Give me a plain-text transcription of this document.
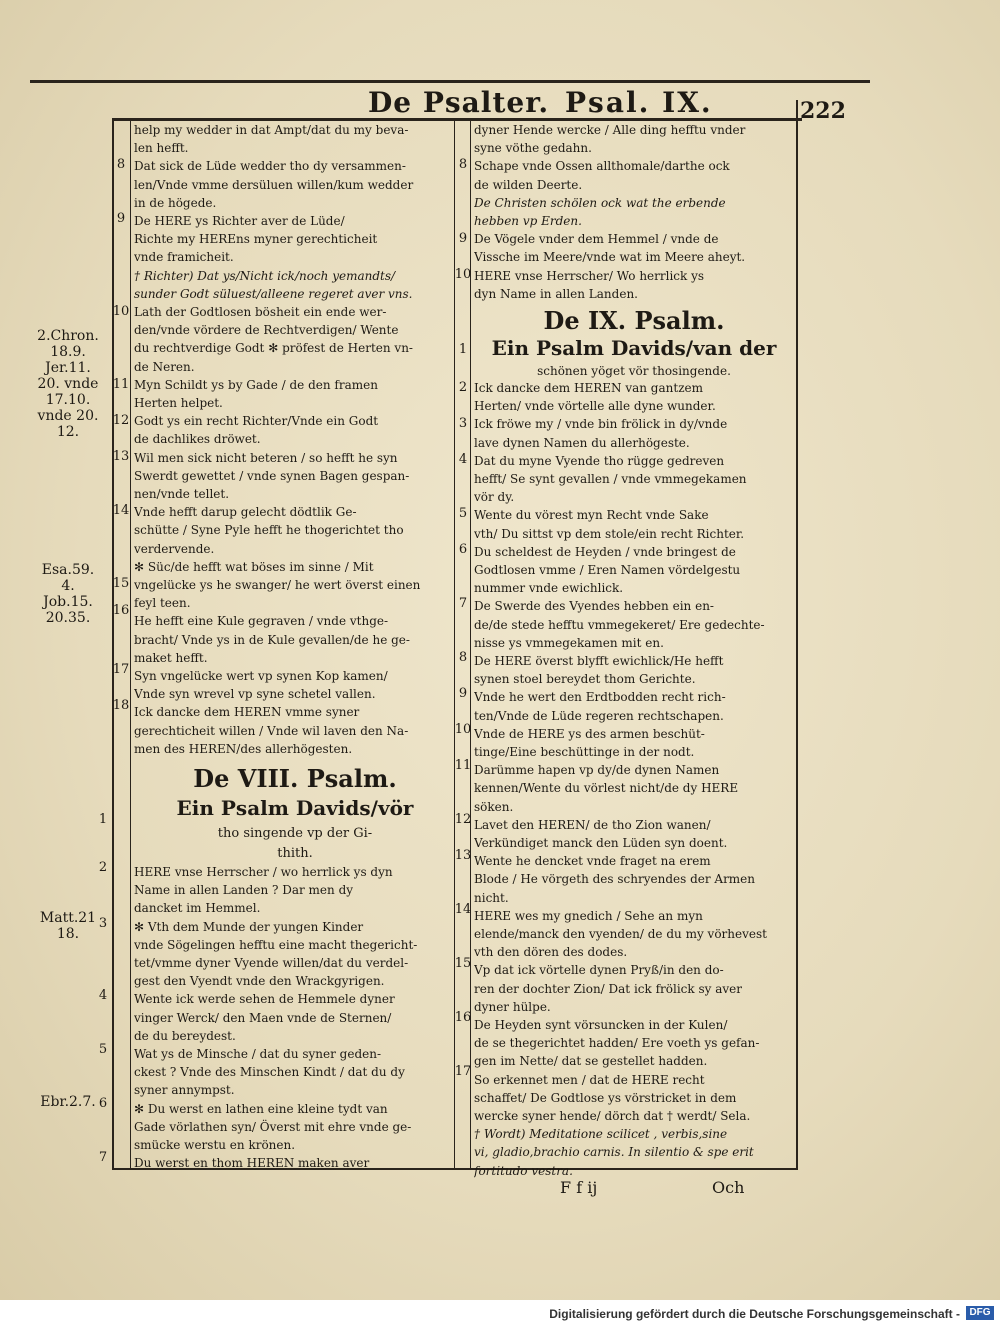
De Psalter. Psal. IX.	222
2.Chron.
18.9.
Jer.11.
20. vnde
17.10.
vnde 20.
12.
Esa.59.
4.
Job.15.
20.35.
Matt.21
18.
Ebr.2.7.
help my wedder in dat Ampt/dat du my beva-
len hefft.
Dat sick de Lüde wedder tho dy versammen-
len/Vnde vmme dersüluen willen/kum wedder
in de högede.
De HERE ys Richter aver de Lüde/
Richte my HEREns myner gerechticheit
vnde framicheit.
† Richter) Dat ys/Nicht ick/noch yemandts/
sunder Godt süluest/alleene regeret aver vns.
Lath der Godtlosen bösheit ein ende wer-
den/vnde vördere de Rechtverdigen/ Wente
du rechtverdige Godt ✻ pröfest de Herten vn-
de Neren.
Myn Schildt ys by Gade / de den framen
Herten helpet.
Godt ys ein recht Richter/Vnde ein Godt
de dachlikes dröwet.
Wil men sick nicht beteren / so hefft he syn
Swerdt gewettet / vnde synen Bagen gespan-
nen/vnde tellet.
Vnde hefft darup gelecht dödtlik Ge-
schütte / Syne Pyle hefft he thogerichtet tho
verdervende.
✻ Süc/de hefft wat böses im sinne / Mit
vngelücke ys he swanger/ he wert överst einen
feyl teen.
He hefft eine Kule gegraven / vnde vthge-
bracht/ Vnde ys in de Kule gevallen/de he ge-
maket hefft.
Syn vngelücke wert vp synen Kop kamen/
Vnde syn wrevel vp syne schetel vallen.
Ick dancke dem HEREN vmme syner
gerechticheit willen / Vnde wil laven den Na-
men des HEREN/des allerhögesten.
8
9
10
11
12
13
14
15
16
17
18
De VIII. Psalm.
Ein Psalm Davids/vör
tho singende vp der Gi-
thith.
HERE vnse Herrscher / wo herrlick ys dyn
Name in allen Landen ? Dar men dy
dancket im Hemmel.
✻ Vth dem Munde der yungen Kinder
vnde Sögelingen hefftu eine macht thegericht-
tet/vmme dyner Vyende willen/dat du verdel-
gest den Vyendt vnde den Wrackgyrigen.
Wente ick werde sehen de Hemmele dyner
vinger Werck/ den Maen vnde de Sternen/
de du bereydest.
Wat ys de Minsche / dat du syner geden-
ckest ? Vnde des Minschen Kindt / dat du dy
syner annympst.
✻ Du werst en lathen eine kleine tydt van
Gade vörlathen syn/ Överst mit ehre vnde ge-
smücke werstu en krönen.
Du werst en thom HEREN maken aver
1
2
3
4
5
6
7
dyner Hende wercke / Alle ding hefftu vnder
syne vöthe gedahn.
Schape vnde Ossen allthomale/darthe ock
de wilden Deerte.
De Christen schölen ock wat the erbende
hebben vp Erden.
De Vögele vnder dem Hemmel / vnde de
Vissche im Meere/vnde wat im Meere aheyt.
HERE vnse Herrscher/ Wo herrlick ys
dyn Name in allen Landen.
8
9
10
De IX. Psalm.
Ein Psalm Davids/van der
schönen yöget vör thosingende.
Ick dancke dem HEREN van gantzem
Herten/ vnde vörtelle alle dyne wunder.
Ick fröwe my / vnde bin frölick in dy/vnde
lave dynen Namen du allerhögeste.
Dat du myne Vyende tho rügge gedreven
hefft/ Se synt gevallen / vnde vmmegekamen
vör dy.
Wente du vörest myn Recht vnde Sake
vth/ Du sittst vp dem stole/ein recht Richter.
Du scheldest de Heyden / vnde bringest de
Godtlosen vmme / Eren Namen vördelgestu
nummer vnde ewichlick.
De Swerde des Vyendes hebben ein en-
de/de stede hefftu vmmegekeret/ Ere gedechte-
nisse ys vmmegekamen mit en.
De HERE överst blyfft ewichlick/He hefft
synen stoel bereydet thom Gerichte.
Vnde he wert den Erdtbodden recht rich-
ten/Vnde de Lüde regeren rechtschapen.
Vnde de HERE ys des armen beschüt-
tinge/Eine beschüttinge in der nodt.
Darümme hapen vp dy/de dynen Namen
kennen/Wente du vörlest nicht/de dy HERE
söken.
Lavet den HEREN/ de tho Zion wanen/
Verkündiget manck den Lüden syn doent.
Wente he dencket vnde fraget na erem
Blode / He vörgeth des schryendes der Armen
nicht.
HERE wes my gnedich / Sehe an myn
elende/manck den vyenden/ de du my vörhevest
vth den dören des dodes.
Vp dat ick vörtelle dynen Pryß/in den do-
ren der dochter Zion/ Dat ick frölick sy aver
dyner hülpe.
De Heyden synt vörsuncken in der Kulen/
de se thegerichtet hadden/ Ere voeth ys gefan-
gen im Nette/ dat se gestellet hadden.
So erkennet men / dat de HERE recht
schaffet/ De Godtlose ys vörstricket in dem
wercke syner hende/ dörch dat † werdt/ Sela.
† Wordt) Meditatione scilicet , verbis,sine
vi, gladio,brachio carnis. In silentio & spe erit
fortitudo vestra.
1
2
3
4
5
6
7
8
9
10
11
12
13
14
15
16
17
F f ij	Och
Digitalisierung gefördert durch die Deutsche Forschungsgemeinschaft - DFG
